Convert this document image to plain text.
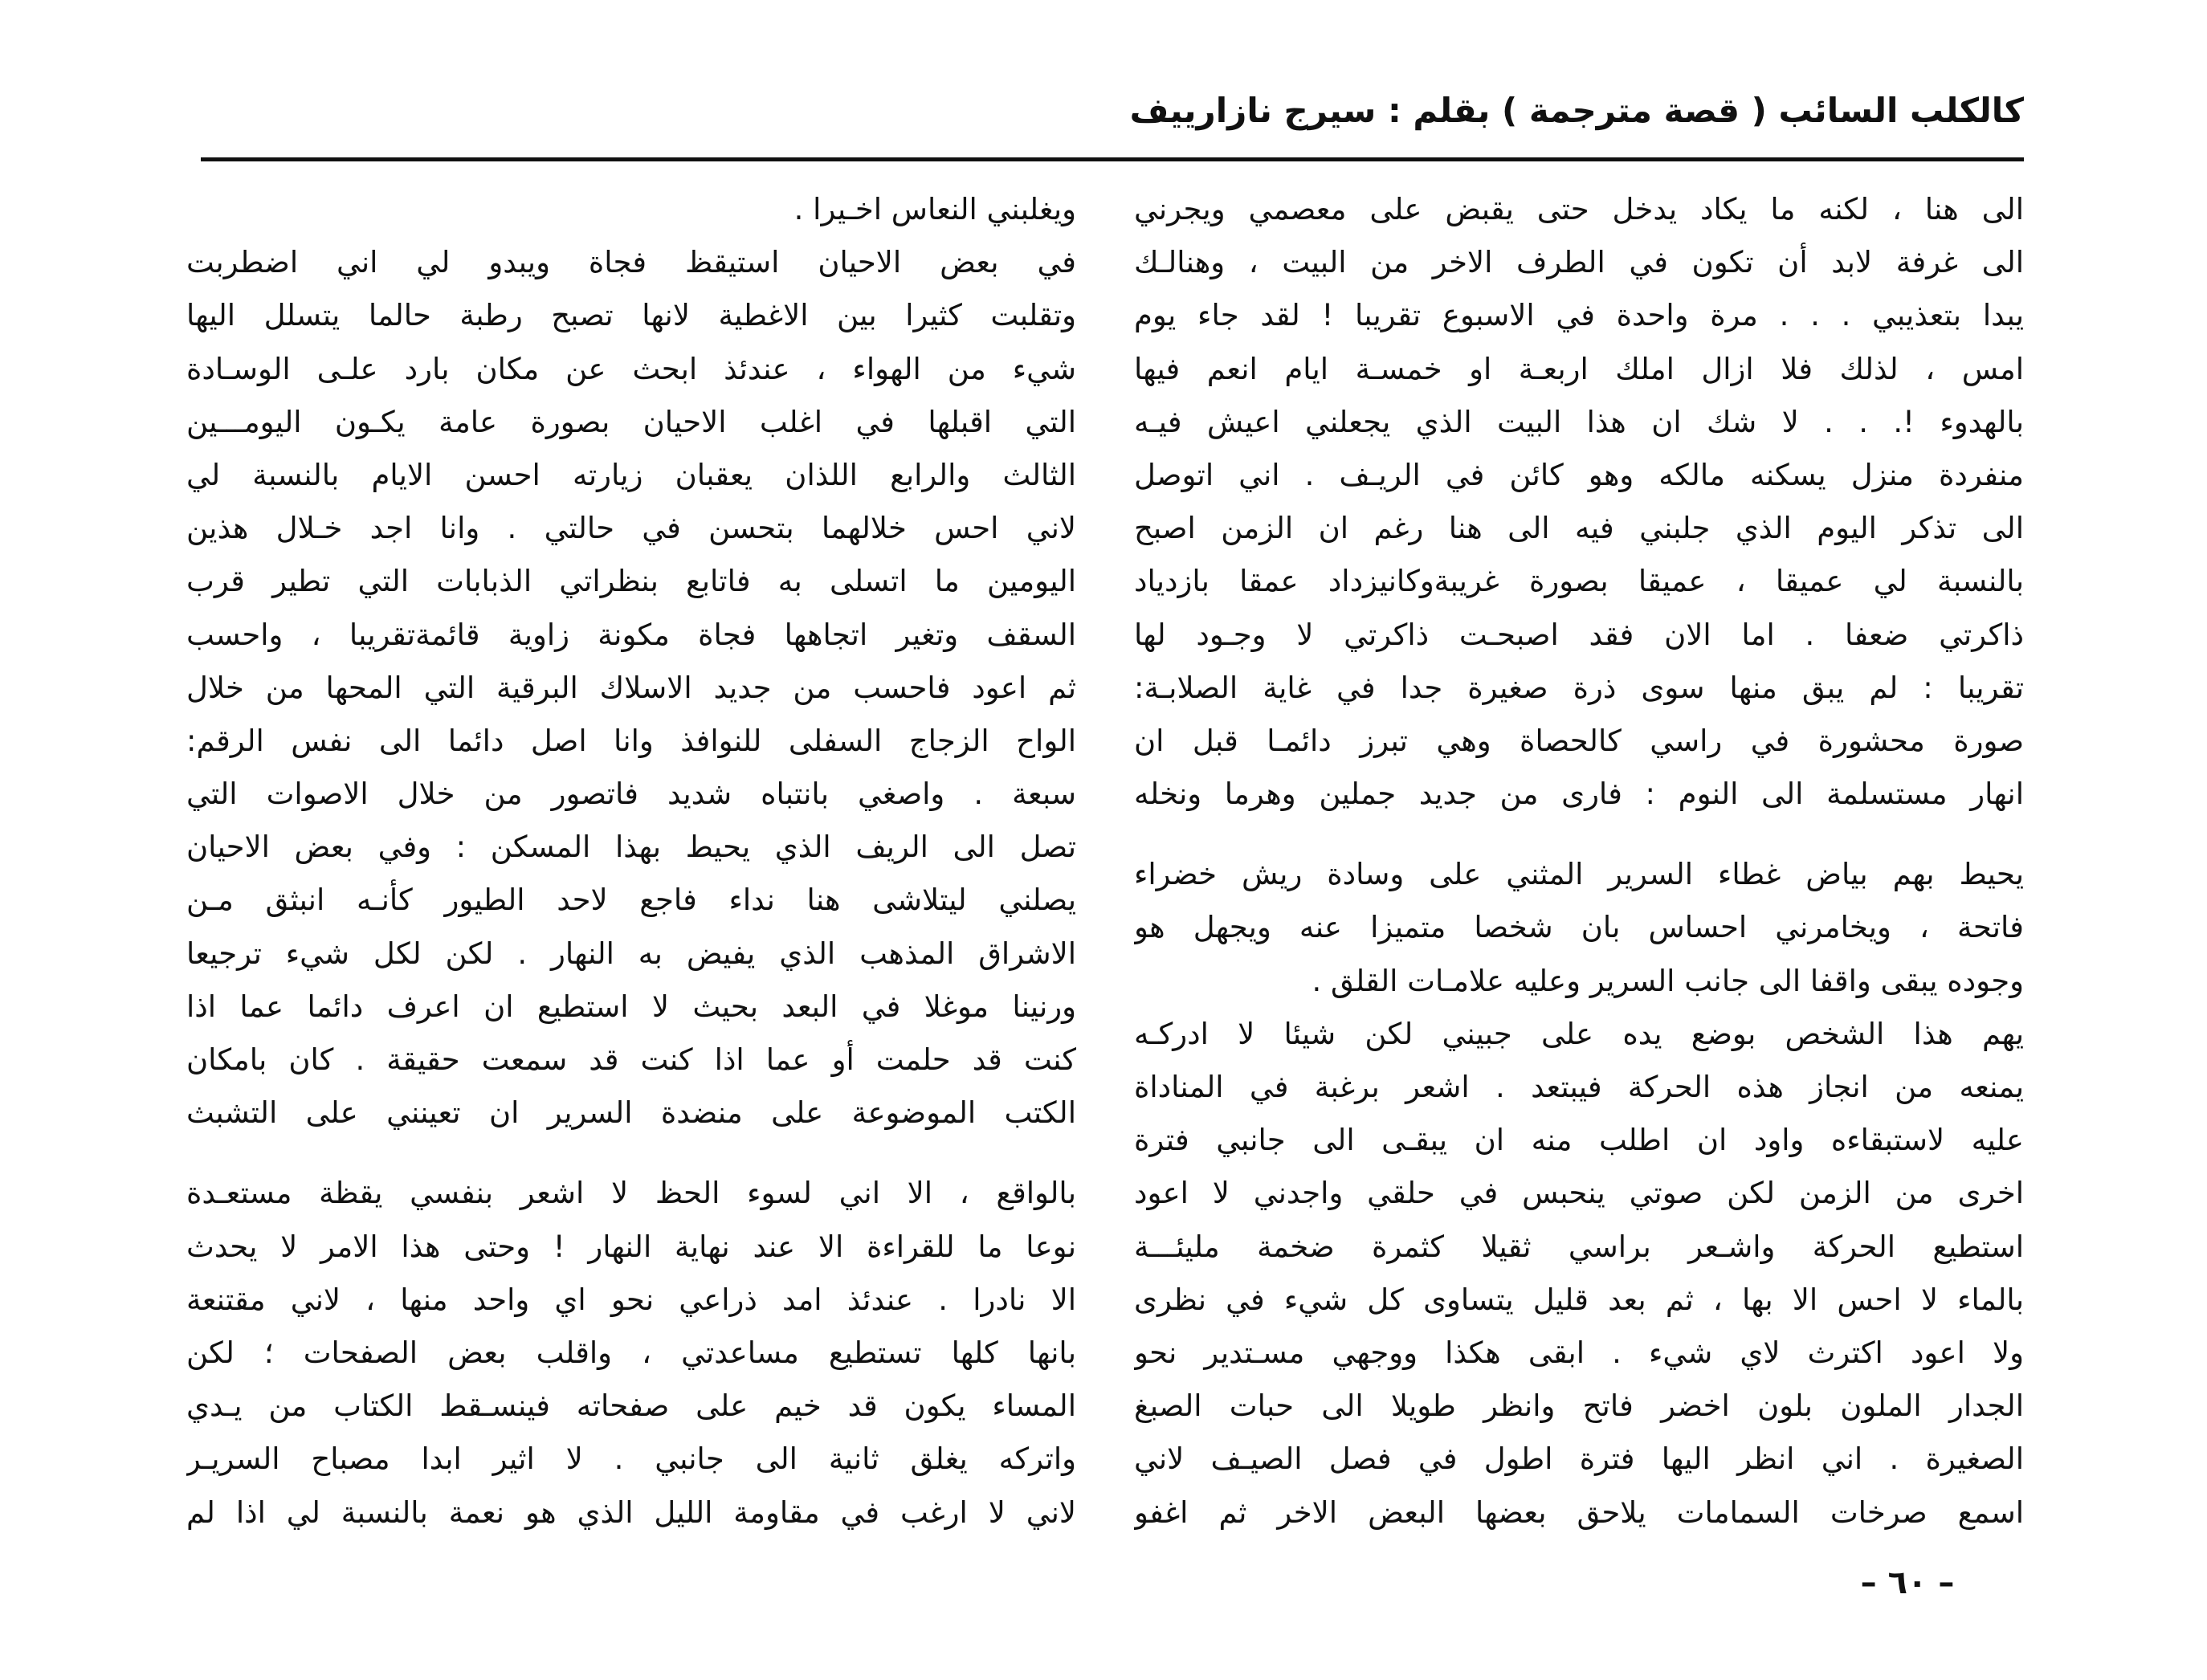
كالكلب السائب ( قصة مترجمة ) بقلم : سيرج نازارييف
الى هنا ، لكنه ما يكاد يدخل حتى يقبض على معصمي ويجرني
الى غرفة لابد أن تكون في الطرف الاخر من البيت ، وهنالـك
يبدا بتعذيبي . . . مرة واحدة في الاسبوع تقريبا ! لقد جاء يوم
امس ، لذلك فلا ازال املك اربعـة او خمسـة ايام انعم فيها
بالهدوء !. . . لا شك ان هذا البيت الذي يجعلني اعيش فيـه
منفردة منزل يسكنه مالكه وهو كائن في الريـف . اني اتوصل
الى تذكر اليوم الذي جلبني فيه الى هنا رغم ان الزمن اصبح
بالنسبة لي عميقا ، عميقا بصورة غريبةوكانيزداد عمقا بازدياد
ذاكرتي ضعفا . اما الان فقد اصبحـت ذاكرتي لا وجـود لها
تقريبا : لم يبق منها سوى ذرة صغيرة جدا في غاية الصلابـة:
صورة محشورة في راسي كالحصاة وهي تبرز دائمـا قبل ان
انهار مستسلمة الى النوم : فارى من جديد جملين وهرما ونخله
يحيط بهم بياض غطاء السرير المثني على وسادة ريش خضراء
فاتحة ، ويخامرني احساس بان شخصا متميزا عنه ويجهل هو
وجوده يبقى واقفا الى جانب السرير وعليه علامـات القلق .
يهم هذا الشخص بوضع يده على جبيني لكن شيئا لا ادركـه
يمنعه من انجاز هذه الحركة فيبتعد . اشعر برغبة في المناداة
عليه لاستبقاءه واود ان اطلب منه ان يبقـى الى جانبي فترة
اخرى من الزمن لكن صوتي ينحبس في حلقي واجدني لا اعود
استطيع الحركة واشـعر براسي ثقيلا كثمرة ضخمة مليئـــة
بالماء لا احس الا بها ، ثم بعد قليل يتساوى كل شيء في نظرى
ولا اعود اكترث لاي شيء . ابقى هكذا ووجهي مسـتدير نحو
الجدار الملون بلون اخضر فاتح وانظر طويلا الى حبات الصبغ
الصغيرة . اني انظر اليها فترة اطول في فصل الصيـف لاني
اسمع صرخات السمامات يلاحق بعضها البعض الاخر ثم اغفو
ويغلبني النعاس اخـيرا .
في بعض الاحيان استيقظ فجاة ويبدو لي اني اضطربت
وتقلبت كثيرا بين الاغطية لانها تصبح رطبة حالما يتسلل اليها
شيء من الهواء ، عندئذ ابحث عن مكان بارد علـى الوسـادة
التي اقبلها في اغلب الاحيان بصورة عامة يكـون اليومـــين
الثالث والرابع اللذان يعقبان زيارته احسن الايام بالنسبة لي
لاني احس خلالهما بتحسن في حالتي . وانا اجد خـلال هذين
اليومين ما اتسلى به فاتابع بنظراتي الذبابات التي تطير قرب
السقف وتغير اتجاهها فجاة مكونة زاوية قائمةتقريبا ، واحسب
ثم اعود فاحسب من جديد الاسلاك البرقية التي المحها من خلال
الواح الزجاج السفلى للنوافذ وانا اصل دائما الى نفس الرقم:
سبعة . واصغي بانتباه شديد فاتصور من خلال الاصوات التي
تصل الى الريف الذي يحيط بهذا المسكن : وفي بعض الاحيان
يصلني ليتلاشى هنا نداء فاجع لاحد الطيور كأنـه انبثق مـن
الاشراق المذهب الذي يفيض به النهار . لكن لكل شيء ترجيعا
ورنينا موغلا في البعد بحيث لا استطيع ان اعرف دائما عما اذا
كنت قد حلمت أو عما اذا كنت قد سمعت حقيقة . كان بامكان
الكتب الموضوعة على منضدة السرير ان تعينني على التشبث
بالواقع ، الا اني لسوء الحظ لا اشعر بنفسي يقظة مستعـدة
نوعا ما للقراءة الا عند نهاية النهار ! وحتى هذا الامر لا يحدث
الا نادرا . عندئذ امد ذراعي نحو اي واحد منها ، لاني مقتنعة
بانها كلها تستطيع مساعدتي ، واقلب بعض الصفحات ؛ لكن
المساء يكون قد خيم على صفحاته فينسـقط الكتاب من يـدي
واتركه يغلق ثانية الى جانبي . لا اثير ابدا مصباح السريـر
لاني لا ارغب في مقاومة الليل الذي هو نعمة بالنسبة لي اذا لم
– ٦٠ –
